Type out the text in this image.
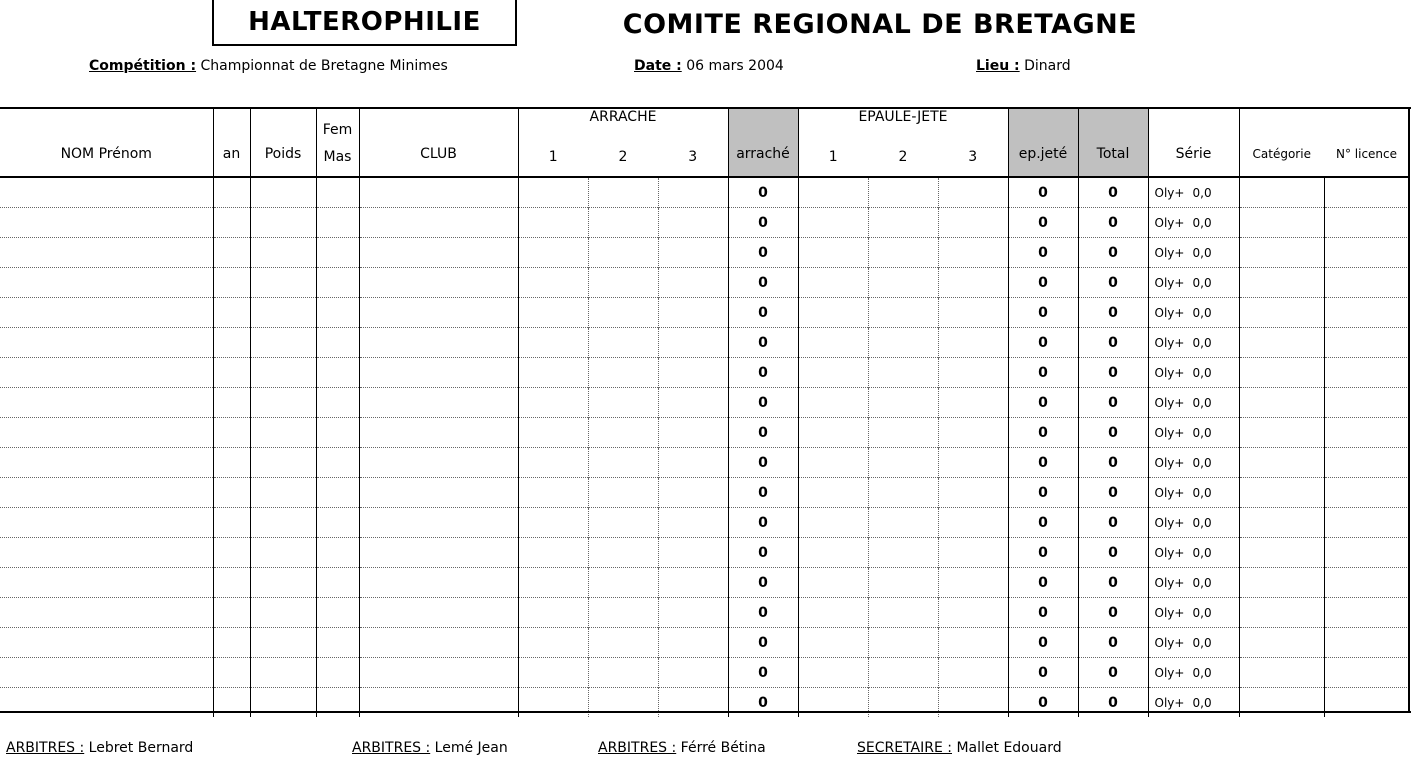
HALTEROPHILIE	COMITE REGIONAL DE BRETAGNE
Compétition : Championnat de Bretagne Minimes	Date : 06 mars 2004	Lieu : Dinard
NOM Prénom	an	Poids	Fem	CLUB	ARRACHE			arraché	EPAULE-JETE			ep.jeté	Total	Série	Catégorie	N° licence
			Mas		1	2	3		1	2	3					
								0				0	0	Oly+ 0,0		
								0				0	0	Oly+ 0,0		
								0				0	0	Oly+ 0,0		
								0				0	0	Oly+ 0,0		
								0				0	0	Oly+ 0,0		
								0				0	0	Oly+ 0,0		
								0				0	0	Oly+ 0,0		
								0				0	0	Oly+ 0,0		
								0				0	0	Oly+ 0,0		
								0				0	0	Oly+ 0,0		
								0				0	0	Oly+ 0,0		
								0				0	0	Oly+ 0,0		
								0				0	0	Oly+ 0,0		
								0				0	0	Oly+ 0,0		
								0				0	0	Oly+ 0,0		
								0				0	0	Oly+ 0,0		
								0				0	0	Oly+ 0,0		
								0				0	0	Oly+ 0,0		
ARBITRES : Lebret Bernard	ARBITRES : Lemé Jean	ARBITRES : Férré Bétina	SECRETAIRE : Mallet Edouard
